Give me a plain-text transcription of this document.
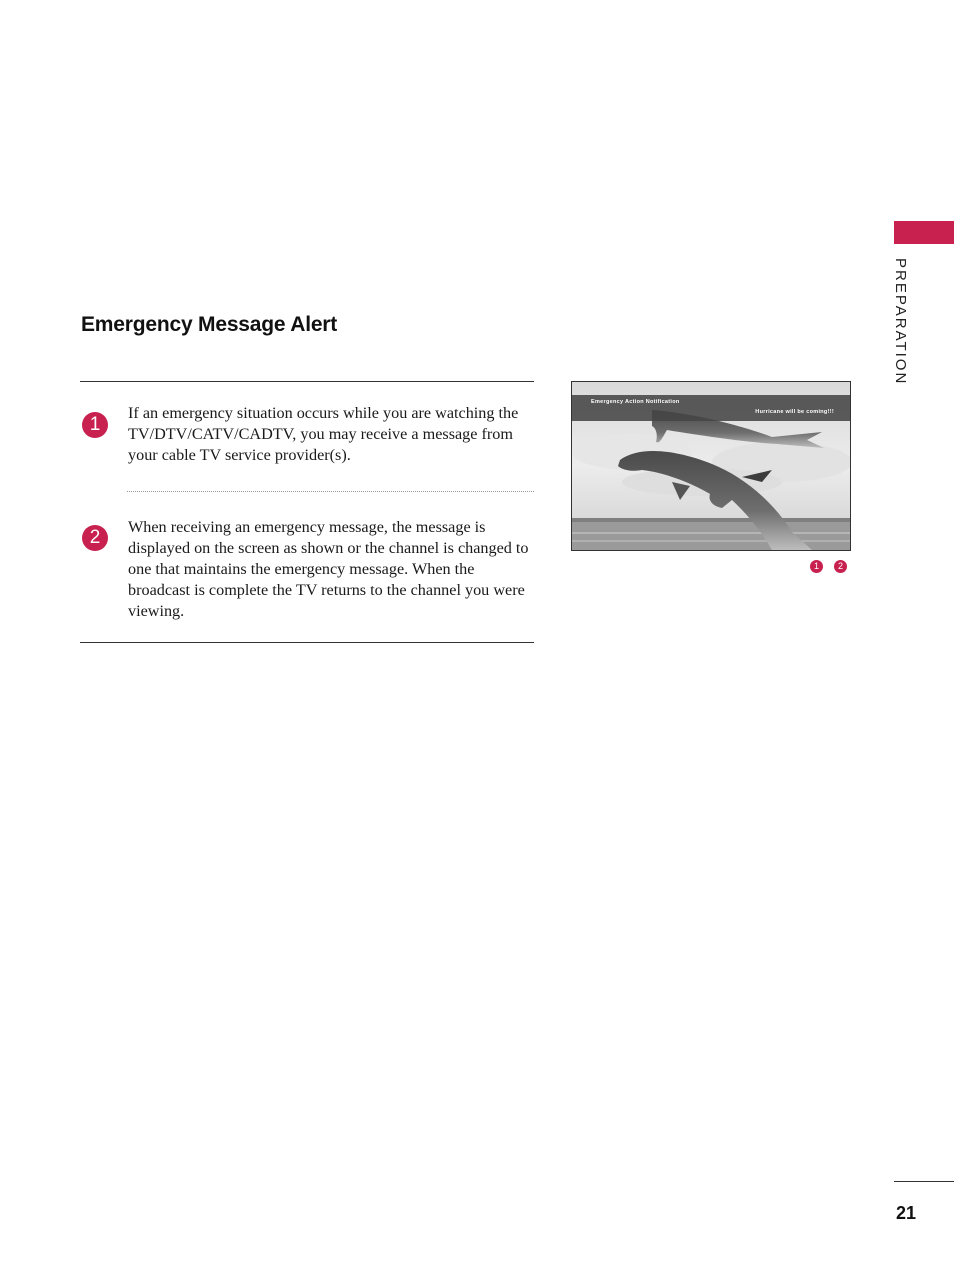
PREPARATION
Emergency Message Alert
1
If an emergency situation occurs while you are watching the TV/DTV/CATV/CADTV, you may receive a message from your cable TV service provider(s).
2	When receiving an emergency message, the message is displayed on the screen as shown or the channel is changed to one that maintains the emergency message. When the broadcast is complete the TV returns to the channel you were viewing.
Emergency Action Notification
Hurricane will be coming!!!
1	2
21
